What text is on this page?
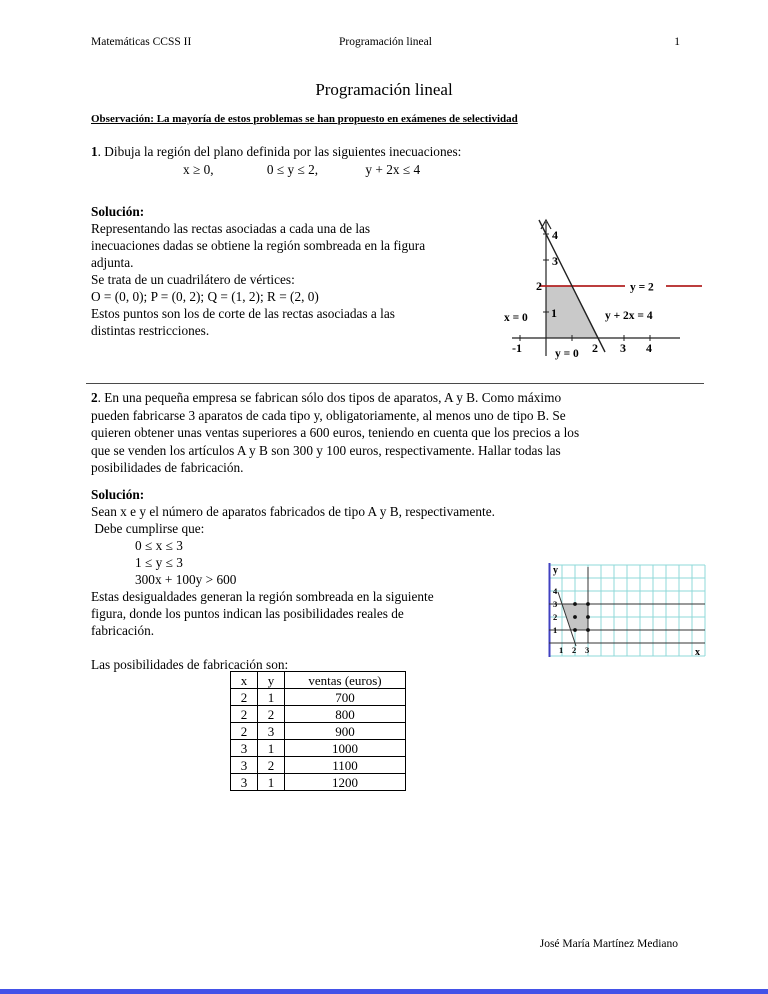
Matemáticas CCSS II	Programación lineal	1
Programación lineal
Observación: La mayoría de estos problemas se han propuesto en exámenes de selectividad
1. Dibuja la región del plano definida por las siguientes inecuaciones:
x ≥ 0,	0 ≤ y ≤ 2,	y + 2x ≤ 4
Solución:
Representando las rectas asociadas a cada una de las
inecuaciones dadas se obtiene la región sombreada en la figura
adjunta.
Se trata de un cuadrilátero de vértices:
O = (0, 0); P = (0, 2); Q = (1, 2); R = (2, 0)
Estos puntos son los de corte de las rectas asociadas a las
distintas restricciones.
4
3
2
1
-1	2 3 4
x = 0	y + 2x = 4
y = 2
y = 0
2. En una pequeña empresa se fabrican sólo dos tipos de aparatos, A y B. Como máximo
pueden fabricarse 3 aparatos de cada tipo y, obligatoriamente, al menos uno de tipo B. Se
quieren obtener unas ventas superiores a 600 euros, teniendo en cuenta que los precios a los
que se venden los artículos A y B son 300 y 100 euros, respectivamente. Hallar todas las
posibilidades de fabricación.
Solución:
Sean x e y el número de aparatos fabricados de tipo A y B, respectivamente.
Debe cumplirse que:
0 ≤ x ≤ 3
1 ≤ y ≤ 3
300x + 100y > 600
Estas desigualdades generan la región sombreada en la siguiente
figura, donde los puntos indican las posibilidades reales de
fabricación.
Las posibilidades de fabricación son:
y
x
4
3
2
1
1 2 3
x	y	ventas (euros)
2	1	700
2	2	800
2	3	900
3	1	1000
3	2	1100
3	1	1200
José María Martínez Mediano
